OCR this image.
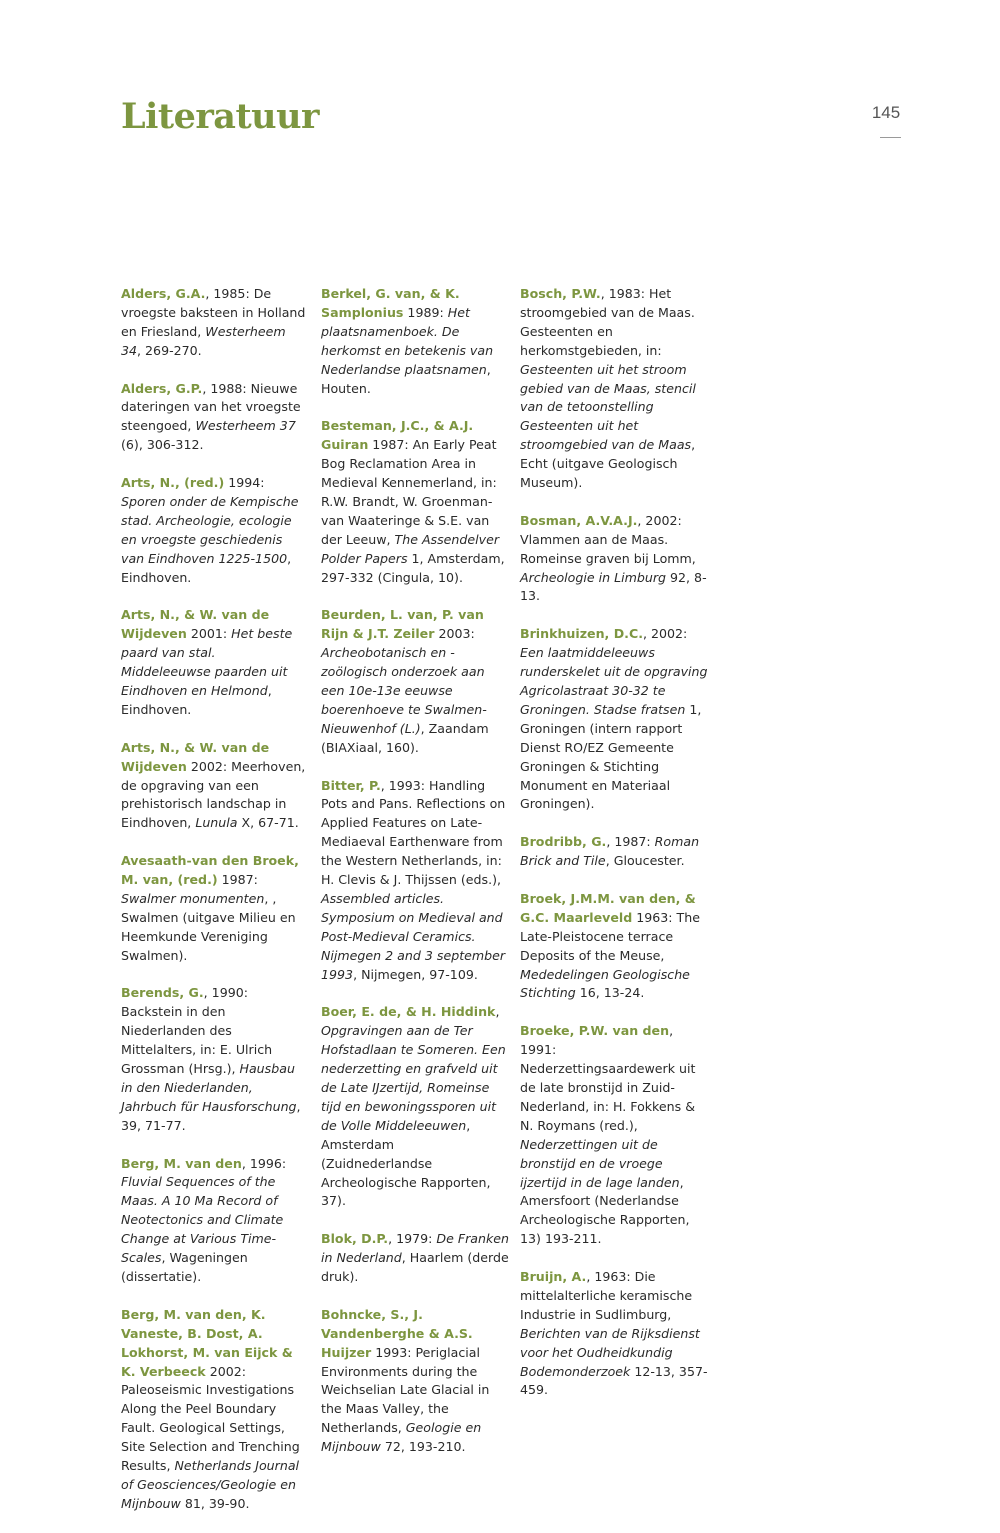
Literatuur	145

Alders, G.A., 1985: De vroegste baksteen in Holland en Friesland, Westerheem 34, 269-270.

Alders, G.P., 1988: Nieuwe dateringen van het vroegste steengoed, Westerheem 37 (6), 306-312.

Arts, N., (red.) 1994: Sporen onder de Kempische stad. Archeologie, ecologie en vroegste geschiedenis van Eindhoven 1225-1500, Eindhoven.

Arts, N., & W. van de Wijdeven 2001: Het beste paard van stal. Middeleeuwse paarden uit Eindhoven en Helmond, Eindhoven.

Arts, N., & W. van de Wijdeven 2002: Meerhoven, de opgraving van een prehistorisch landschap in Eindhoven, Lunula X, 67-71.

Avesaath-van den Broek, M. van, (red.) 1987: Swalmer monumenten, , Swalmen (uitgave Milieu en Heemkunde Vereniging Swalmen).

Berends, G., 1990: Backstein in den Niederlanden des Mittelalters, in: E. Ulrich Grossman (Hrsg.), Hausbau in den Niederlanden, Jahrbuch für Hausforschung, 39, 71-77.

Berg, M. van den, 1996: Fluvial Sequences of the Maas. A 10 Ma Record of Neotectonics and Climate Change at Various Time-Scales, Wageningen (dissertatie).

Berg, M. van den, K. Vaneste, B. Dost, A. Lokhorst, M. van Eijck & K. Verbeeck 2002: Paleoseismic Investigations Along the Peel Boundary Fault. Geological Settings, Site Selection and Trenching Results, Netherlands Journal of Geosciences/Geologie en Mijnbouw 81, 39-90.

Berkel, G. van, & K. Samplonius 1989: Het plaatsnamenboek. De herkomst en betekenis van Nederlandse plaatsnamen, Houten.

Besteman, J.C., & A.J. Guiran 1987: An Early Peat Bog Reclamation Area in Medieval Kennemerland, in: R.W. Brandt, W. Groenman-van Waateringe & S.E. van der Leeuw, The Assendelver Polder Papers 1, Amsterdam, 297-332 (Cingula, 10).

Beurden, L. van, P. van Rijn & J.T. Zeiler 2003: Archeobotanisch en -zoölogisch onderzoek aan een 10e-13e eeuwse boerenhoeve te Swalmen-Nieuwenhof (L.), Zaandam (BIAXiaal, 160).

Bitter, P., 1993: Handling Pots and Pans. Reflections on Applied Features on Late-Mediaeval Earthenware from the Western Netherlands, in: H. Clevis & J. Thijssen (eds.), Assembled articles. Symposium on Medieval and Post-Medieval Ceramics. Nijmegen 2 and 3 september 1993, Nijmegen, 97-109.

Boer, E. de, & H. Hiddink, Opgravingen aan de Ter Hofstadlaan te Someren. Een nederzetting en grafveld uit de Late IJzertijd, Romeinse tijd en bewoningssporen uit de Volle Middeleeuwen, Amsterdam (Zuidnederlandse Archeologische Rapporten, 37).

Blok, D.P., 1979: De Franken in Nederland, Haarlem (derde druk).

Bohncke, S., J. Vandenberghe & A.S. Huijzer 1993: Periglacial Environments during the Weichselian Late Glacial in the Maas Valley, the Netherlands, Geologie en Mijnbouw 72, 193-210.

Bosch, P.W., 1983: Het stroomgebied van de Maas. Gesteenten en herkomstgebieden, in: Gesteenten uit het stroom gebied van de Maas, stencil van de tetoonstelling Gesteenten uit het stroomgebied van de Maas, Echt (uitgave Geologisch Museum).

Bosman, A.V.A.J., 2002: Vlammen aan de Maas. Romeinse graven bij Lomm, Archeologie in Limburg 92, 8-13.

Brinkhuizen, D.C., 2002: Een laatmiddeleeuws runderskelet uit de opgraving Agricolastraat 30-32 te Groningen. Stadse fratsen 1, Groningen (intern rapport Dienst RO/EZ Gemeente Groningen & Stichting Monument en Materiaal Groningen).

Brodribb, G., 1987: Roman Brick and Tile, Gloucester.

Broek, J.M.M. van den, & G.C. Maarleveld 1963: The Late-Pleistocene terrace Deposits of the Meuse, Mededelingen Geologische Stichting 16, 13-24.

Broeke, P.W. van den, 1991: Nederzettingsaardewerk uit de late bronstijd in Zuid-Nederland, in: H. Fokkens & N. Roymans (red.), Nederzettingen uit de bronstijd en de vroege ijzertijd in de lage landen, Amersfoort (Nederlandse Archeologische Rapporten, 13) 193-211.

Bruijn, A., 1963: Die mittelalterliche keramische Industrie in Sudlimburg, Berichten van de Rijksdienst voor het Oudheidkundig Bodemonderzoek 12-13, 357-459.
